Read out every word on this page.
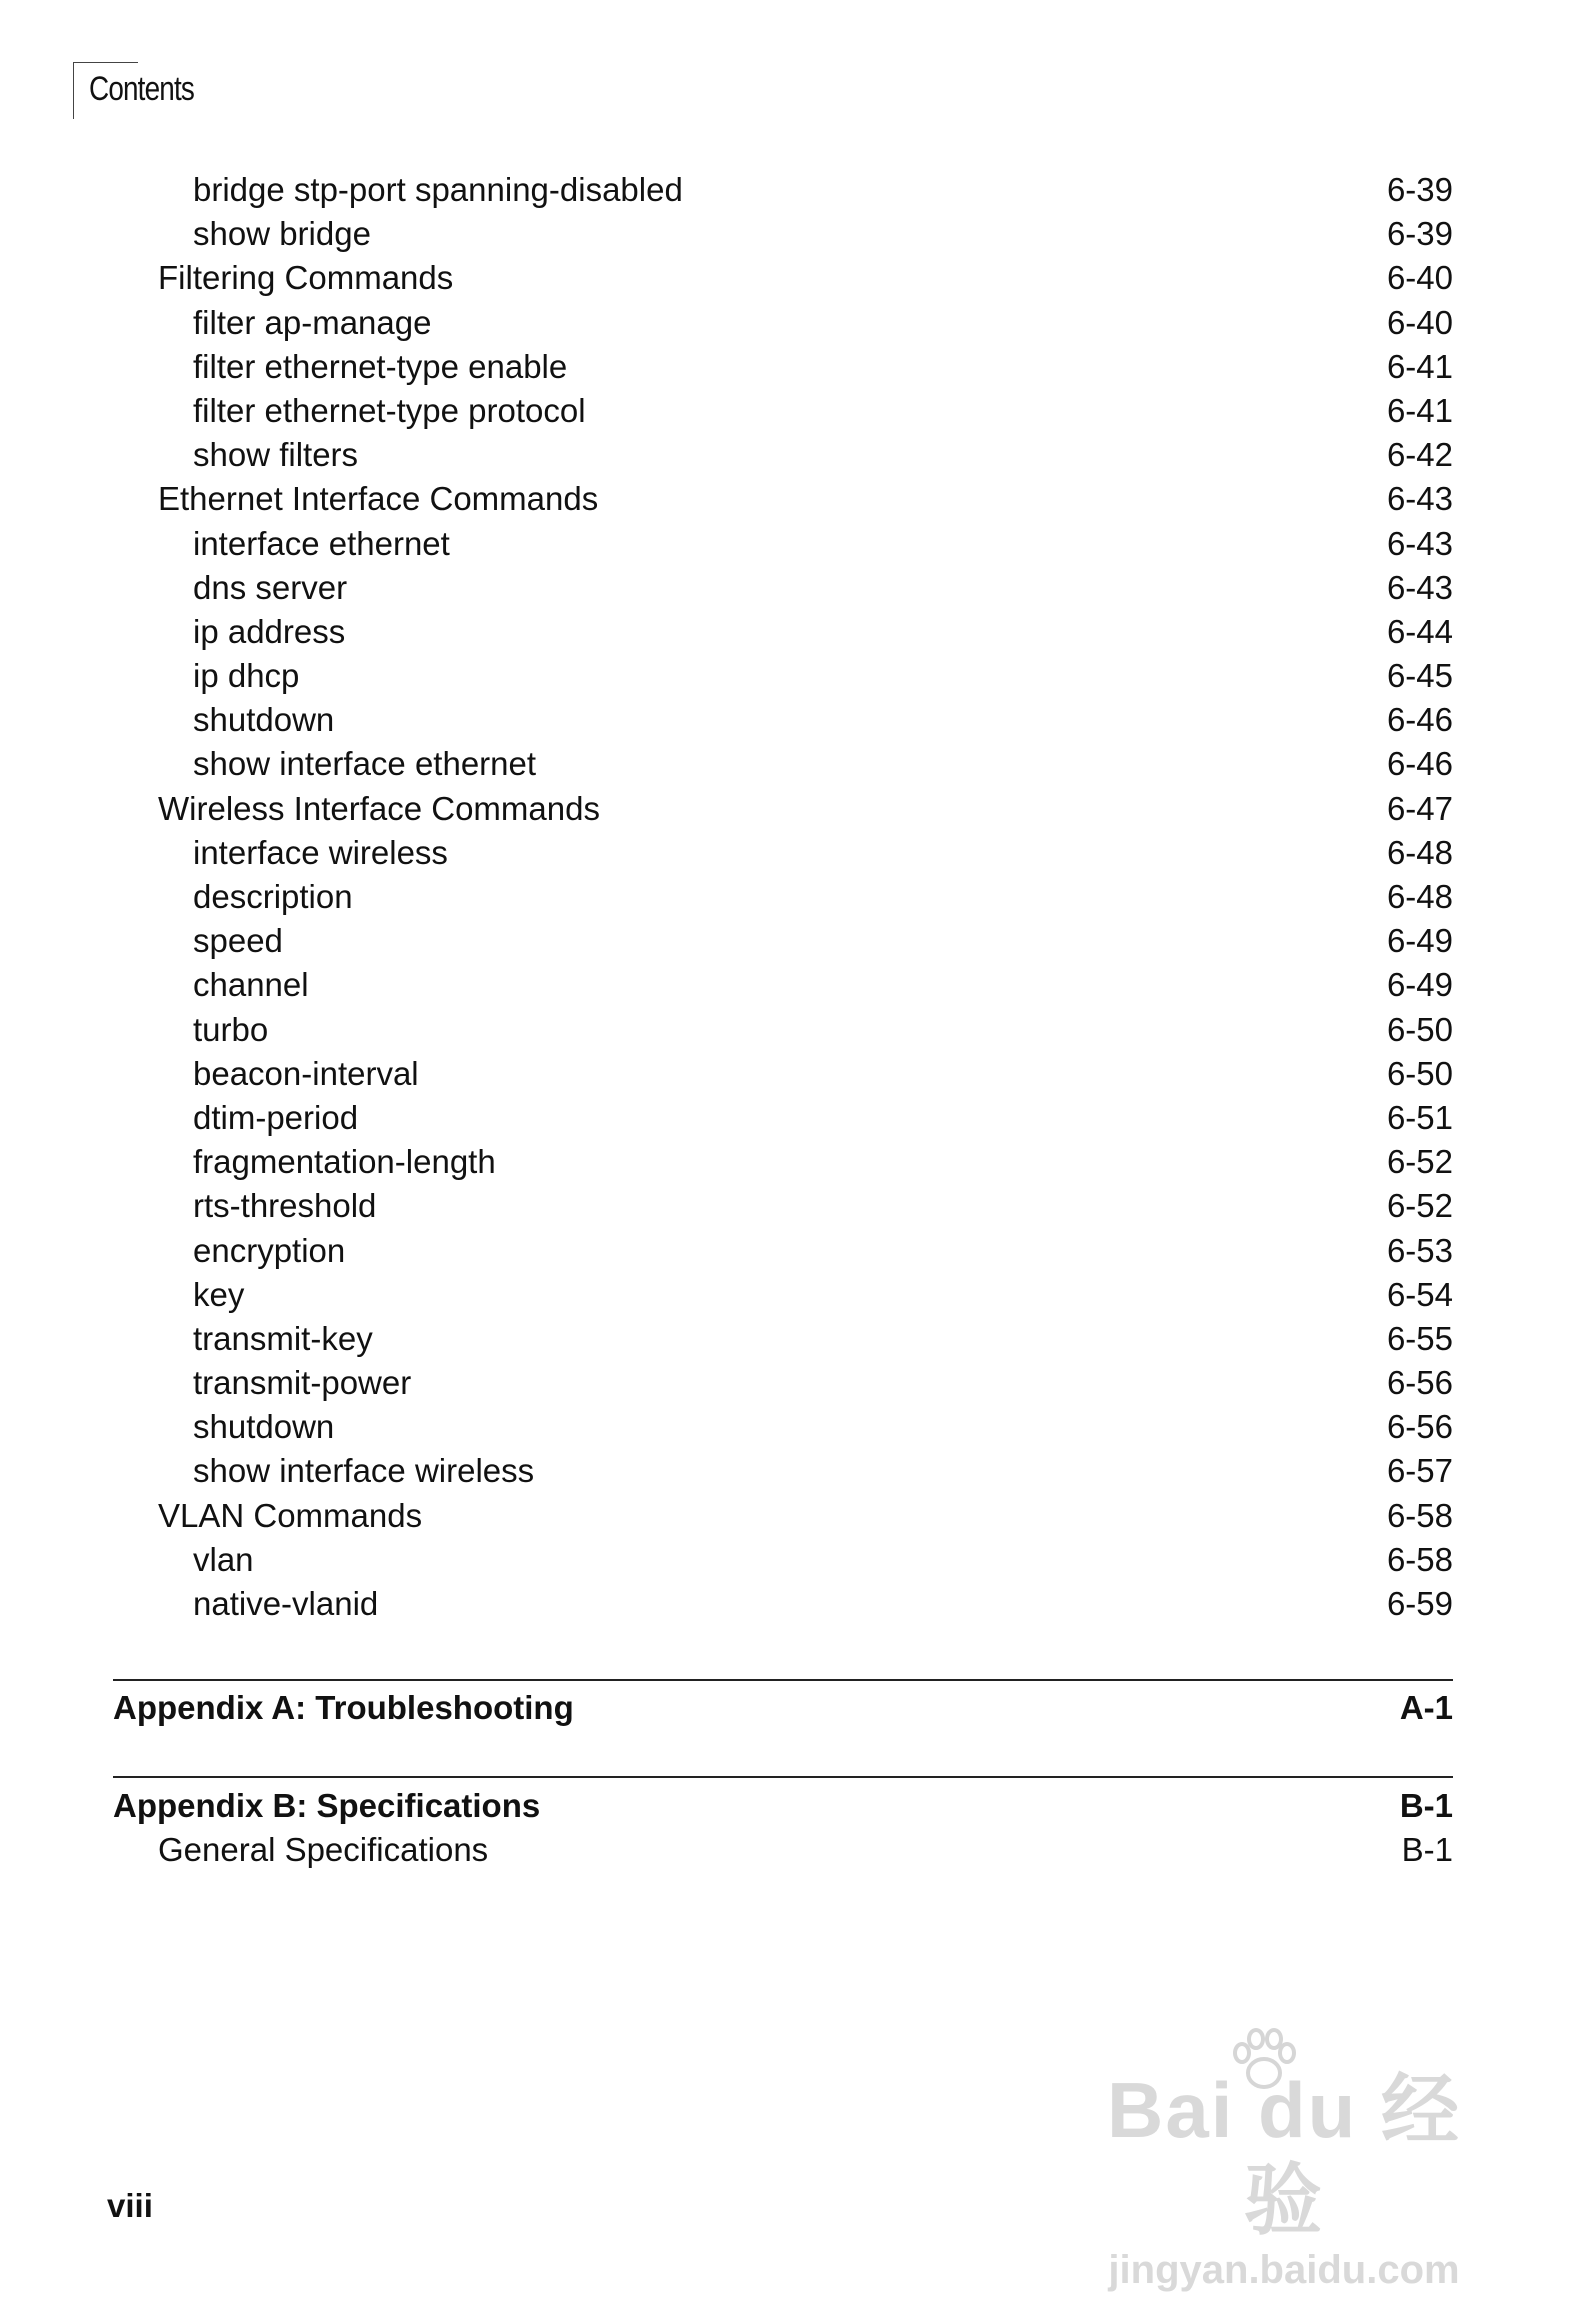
Contents
bridge stp-port spanning-disabled	6-39
show bridge	6-39
Filtering Commands	6-40
filter ap-manage	6-40
filter ethernet-type enable	6-41
filter ethernet-type protocol	6-41
show filters	6-42
Ethernet Interface Commands	6-43
interface ethernet	6-43
dns server	6-43
ip address	6-44
ip dhcp	6-45
shutdown	6-46
show interface ethernet	6-46
Wireless Interface Commands	6-47
interface wireless	6-48
description	6-48
speed	6-49
channel	6-49
turbo	6-50
beacon-interval	6-50
dtim-period	6-51
fragmentation-length	6-52
rts-threshold	6-52
encryption	6-53
key	6-54
transmit-key	6-55
transmit-power	6-56
shutdown	6-56
show interface wireless	6-57
VLAN Commands	6-58
vlan	6-58
native-vlanid	6-59
Appendix A: Troubleshooting	A-1
Appendix B: Specifications	B-1
General Specifications	B-1
viii
Bai du 经验
jingyan.baidu.com
